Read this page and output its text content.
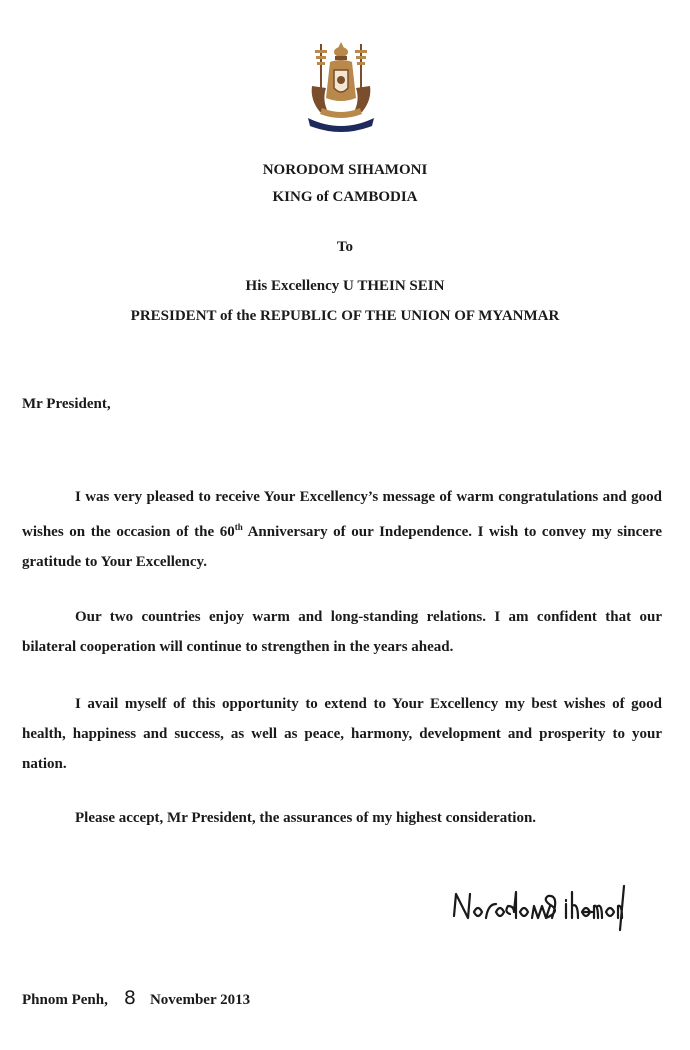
NORODOM SIHAMONI
KING of CAMBODIA
To
His Excellency U THEIN SEIN
PRESIDENT of the REPUBLIC OF THE UNION OF MYANMAR
Mr President,

I was very pleased to receive Your Excellency’s message of warm congratulations and good wishes on the occasion of the 60th Anniversary of our Independence. I wish to convey my sincere gratitude to Your Excellency.

Our two countries enjoy warm and long-standing relations. I am confident that our bilateral cooperation will continue to strengthen in the years ahead.

I avail myself of this opportunity to extend to Your Excellency my best wishes of good health, happiness and success, as well as peace, harmony, development and prosperity to your nation.

Please accept, Mr President, the assurances of my highest consideration.
Phnom Penh, 8 November 2013
